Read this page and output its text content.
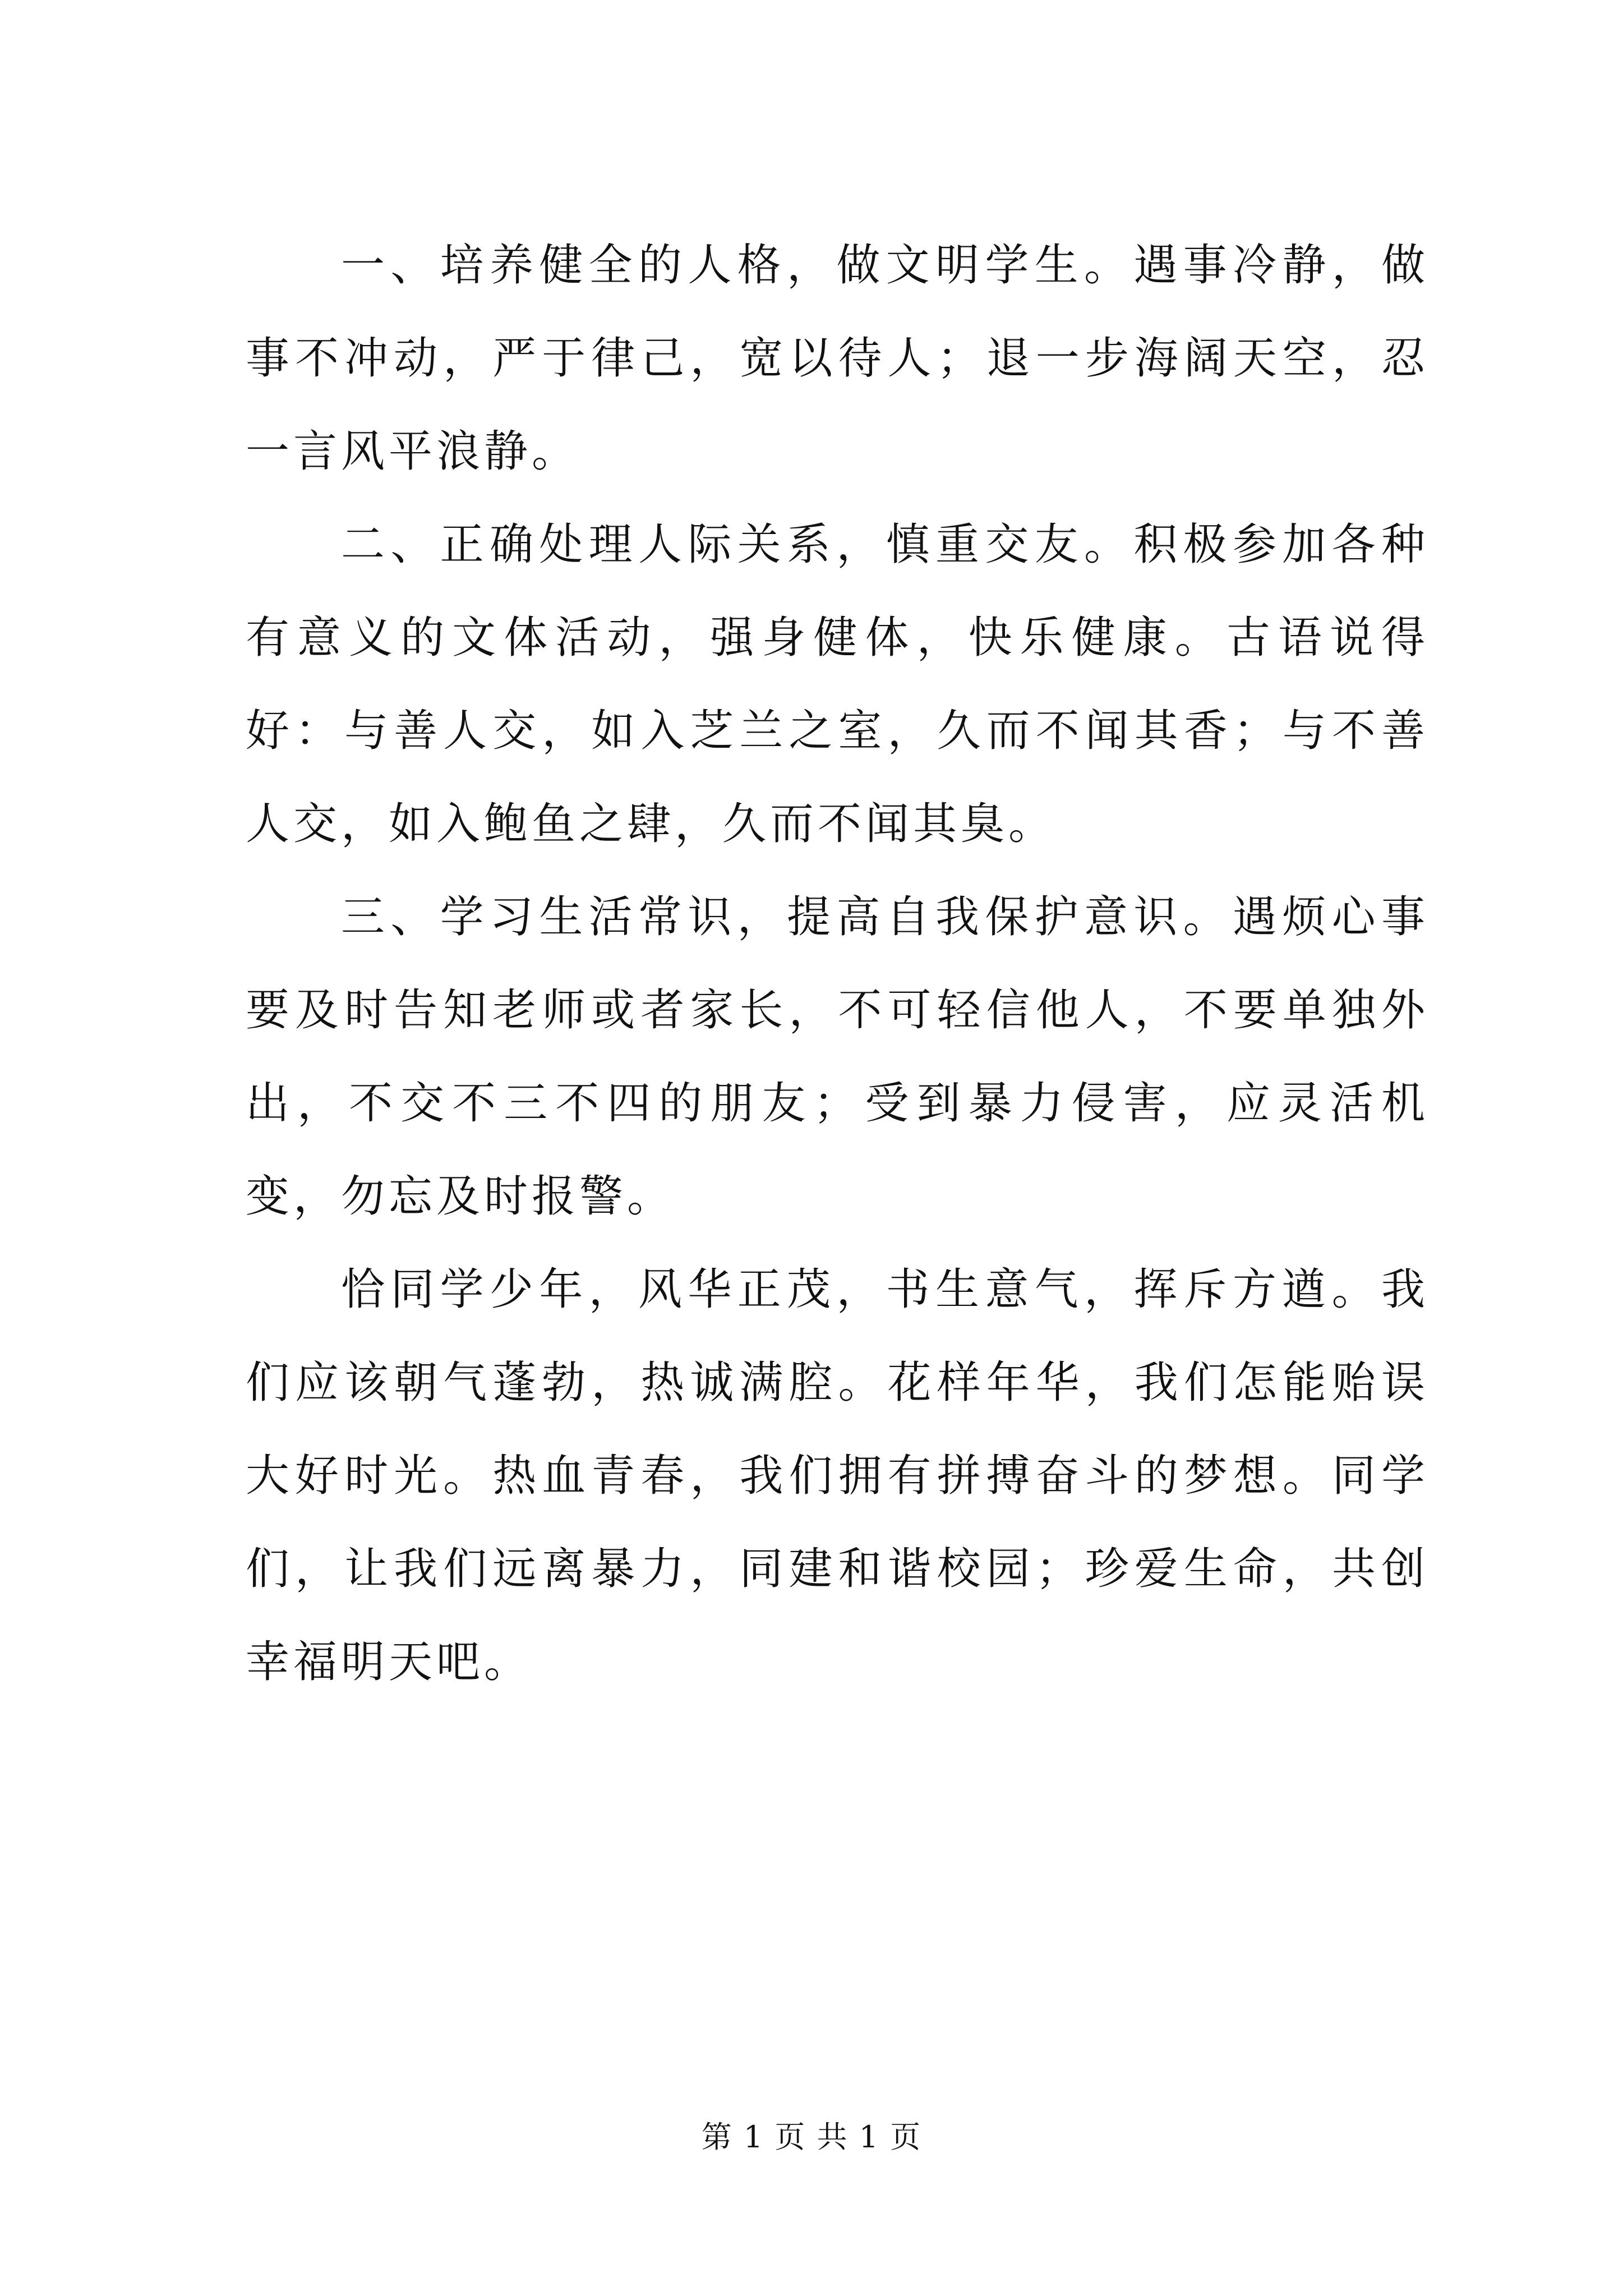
一、培养健全的人格，做文明学生。遇事冷静，做事不冲动，严于律己，宽以待人；退一步海阔天空，忍一言风平浪静。

二、正确处理人际关系，慎重交友。积极参加各种有意义的文体活动，强身健体，快乐健康。古语说得好：与善人交，如入芝兰之室，久而不闻其香；与不善人交，如入鲍鱼之肆，久而不闻其臭。

三、学习生活常识，提高自我保护意识。遇烦心事要及时告知老师或者家长，不可轻信他人，不要单独外出，不交不三不四的朋友；受到暴力侵害，应灵活机变，勿忘及时报警。

恰同学少年，风华正茂，书生意气，挥斥方遒。我们应该朝气蓬勃，热诚满腔。花样年华，我们怎能贻误大好时光。热血青春，我们拥有拼搏奋斗的梦想。同学们，让我们远离暴力，同建和谐校园；珍爱生命，共创幸福明天吧。

第 1 页 共 1 页
